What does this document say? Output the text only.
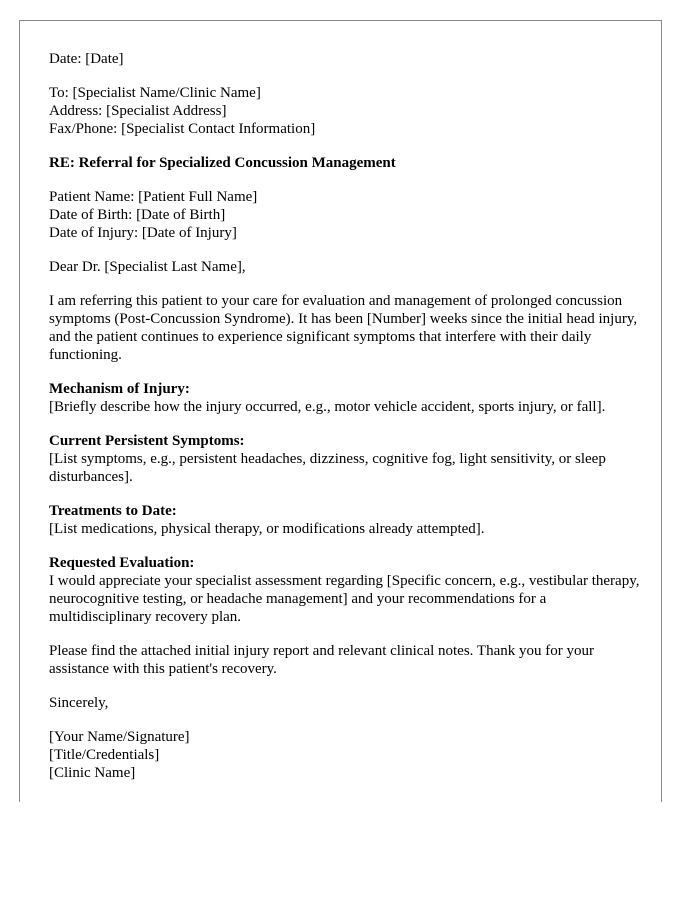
Date: [Date]

To: [Specialist Name/Clinic Name]
Address: [Specialist Address]
Fax/Phone: [Specialist Contact Information]

RE: Referral for Specialized Concussion Management

Patient Name: [Patient Full Name]
Date of Birth: [Date of Birth]
Date of Injury: [Date of Injury]

Dear Dr. [Specialist Last Name],

I am referring this patient to your care for evaluation and management of prolonged concussion symptoms (Post-Concussion Syndrome). It has been [Number] weeks since the initial head injury, and the patient continues to experience significant symptoms that interfere with their daily functioning.

Mechanism of Injury:
[Briefly describe how the injury occurred, e.g., motor vehicle accident, sports injury, or fall].

Current Persistent Symptoms:
[List symptoms, e.g., persistent headaches, dizziness, cognitive fog, light sensitivity, or sleep disturbances].

Treatments to Date:
[List medications, physical therapy, or modifications already attempted].

Requested Evaluation:
I would appreciate your specialist assessment regarding [Specific concern, e.g., vestibular therapy, neurocognitive testing, or headache management] and your recommendations for a multidisciplinary recovery plan.

Please find the attached initial injury report and relevant clinical notes. Thank you for your assistance with this patient's recovery.

Sincerely,

[Your Name/Signature]
[Title/Credentials]
[Clinic Name]
